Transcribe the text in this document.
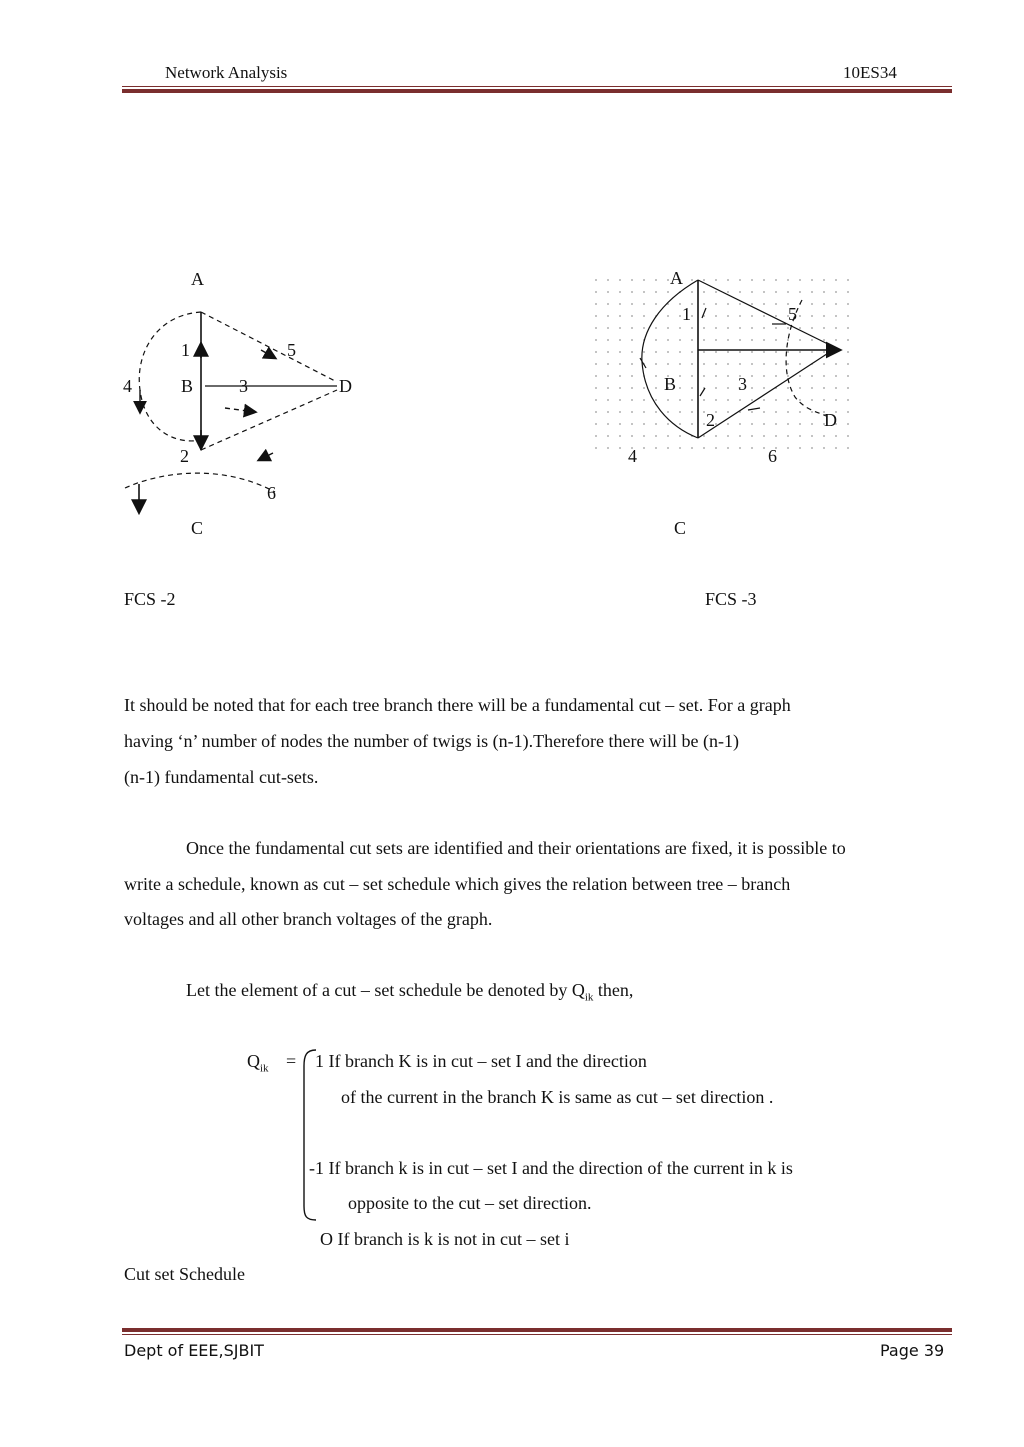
Network Analysis	10ES34
A
1	5
4	B	3	D
2
6
C
FCS -2
A
1	5
B	3
2	D
4	6
C
FCS -3
It should be noted that for each tree branch there will be a fundamental cut – set. For a graph
having ‘n’ number of nodes the number of twigs is (n-1).Therefore there will be (n-1)
(n-1) fundamental cut-sets.
Once the fundamental cut sets are identified and their orientations are fixed, it is possible to
write a schedule, known as cut – set schedule which gives the relation between tree – branch
voltages and all other branch voltages of the graph.
Let the element of a cut – set schedule be denoted by $Q_{ik}$ then,
$Q_{ik} = 1$ If branch K is in cut – set I and the direction
of the current in the branch K is same as cut – set direction .
-1 If branch k is in cut – set I and the direction of the current in k is
opposite to the cut – set direction.
O If branch is k is not in cut – set i
Cut set Schedule
Dept of EEE,SJBIT	Page 39
